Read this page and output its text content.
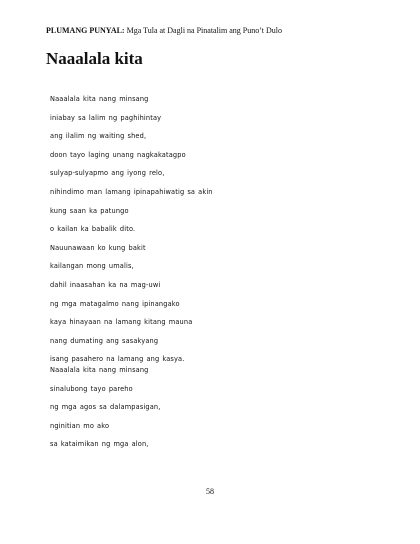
PLUMANG PUNYAL: Mga Tula at Dagli na Pinatalim ang Puno’t Dulo
Naaalala kita
Naaalala kita nang minsang
iniabay sa lalim ng paghihintay
ang ilalim ng waiting shed,
doon tayo laging unang nagkakatagpo
sulyap-sulyapmo ang iyong relo,
nihindimo man lamang ipinapahiwatig sa akin
kung saan ka patungo
o kailan ka babalik dito.
Nauunawaan ko kung bakit
kailangan mong umalis,
dahil inaasahan ka na mag-uwi
ng mga matagalmo nang ipinangako
kaya hinayaan na lamang kitang mauna
nang dumating ang sasakyang
isang pasahero na lamang ang kasya.
Naaalala kita nang minsang
sinalubong tayo pareho
ng mga agos sa dalampasigan,
nginitian mo ako
sa kataimikan ng mga alon,
58
